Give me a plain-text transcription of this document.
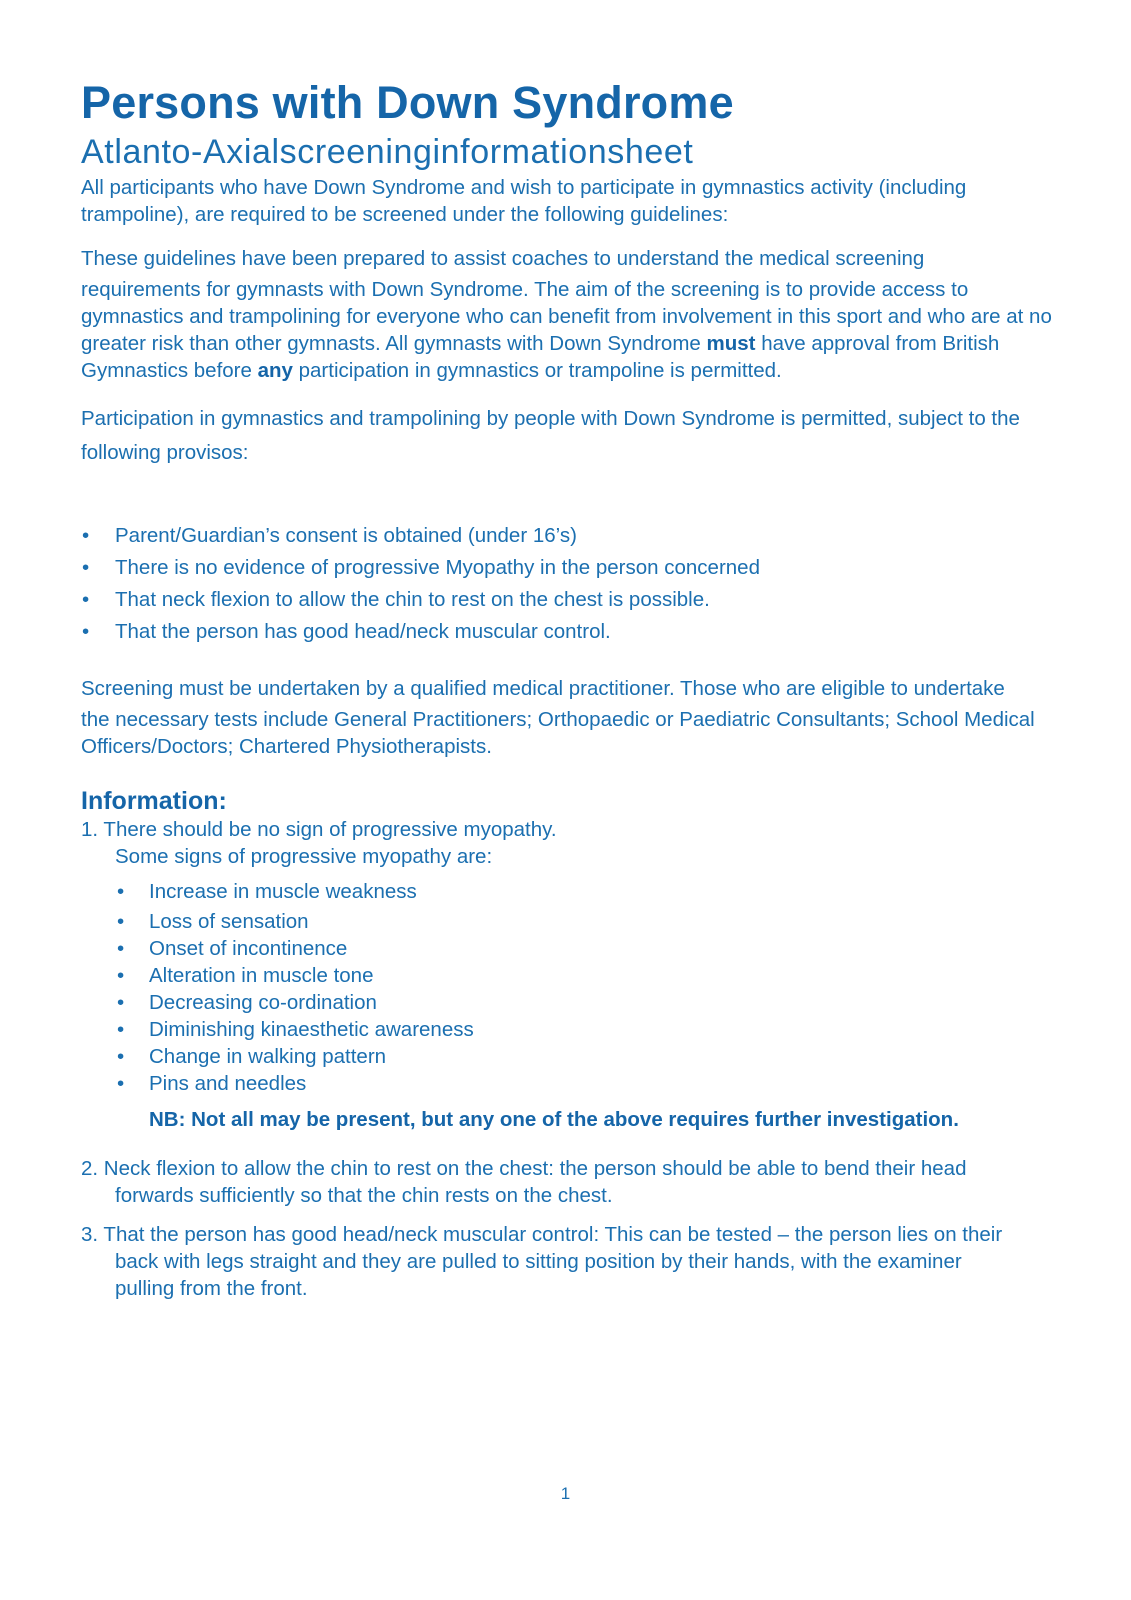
Persons with Down Syndrome
Atlanto-Axialscreeninginformationsheet

All participants who have Down Syndrome and wish to participate in gymnastics activity (including trampoline), are required to be screened under the following guidelines:

These guidelines have been prepared to assist coaches to understand the medical screening
requirements for gymnasts with Down Syndrome. The aim of the screening is to provide access to gymnastics and trampolining for everyone who can benefit from involvement in this sport and who are at no greater risk than other gymnasts. All gymnasts with Down Syndrome must have approval from British Gymnastics before any participation in gymnastics or trampoline is permitted.

Participation in gymnastics and trampolining by people with Down Syndrome is permitted, subject to the following provisos:

• Parent/Guardian’s consent is obtained (under 16’s)
• There is no evidence of progressive Myopathy in the person concerned
• That neck flexion to allow the chin to rest on the chest is possible.
• That the person has good head/neck muscular control.

Screening must be undertaken by a qualified medical practitioner. Those who are eligible to undertake
the necessary tests include General Practitioners; Orthopaedic or Paediatric Consultants; School Medical Officers/Doctors; Chartered Physiotherapists.

Information:
1. There should be no sign of progressive myopathy.
Some signs of progressive myopathy are:
• Increase in muscle weakness
• Loss of sensation
• Onset of incontinence
• Alteration in muscle tone
• Decreasing co-ordination
• Diminishing kinaesthetic awareness
• Change in walking pattern
• Pins and needles
NB: Not all may be present, but any one of the above requires further investigation.
2. Neck flexion to allow the chin to rest on the chest: the person should be able to bend their head
forwards sufficiently so that the chin rests on the chest.
3. That the person has good head/neck muscular control: This can be tested – the person lies on their
back with legs straight and they are pulled to sitting position by their hands, with the examiner
pulling from the front.
1
